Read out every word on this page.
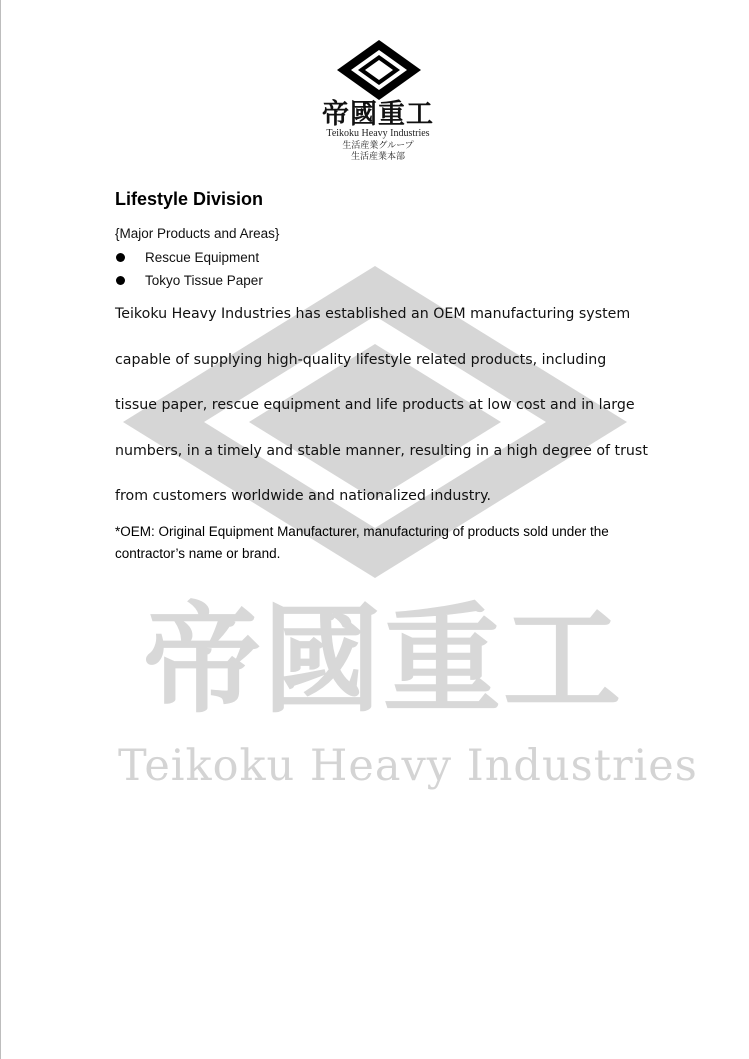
帝國重工
Teikoku Heavy Industries
帝國重工
Teikoku Heavy Industries
生活産業グループ
生活産業本部
Lifestyle Division
{Major Products and Areas}
Rescue Equipment
Tokyo Tissue Paper
Teikoku Heavy Industries has established an OEM manufacturing system
capable of supplying high-quality lifestyle related products, including
tissue paper, rescue equipment and life products at low cost and in large
numbers, in a timely and stable manner, resulting in a high degree of trust
from customers worldwide and nationalized industry.
*OEM: Original Equipment Manufacturer, manufacturing of products sold under the
contractor’s name or brand.
